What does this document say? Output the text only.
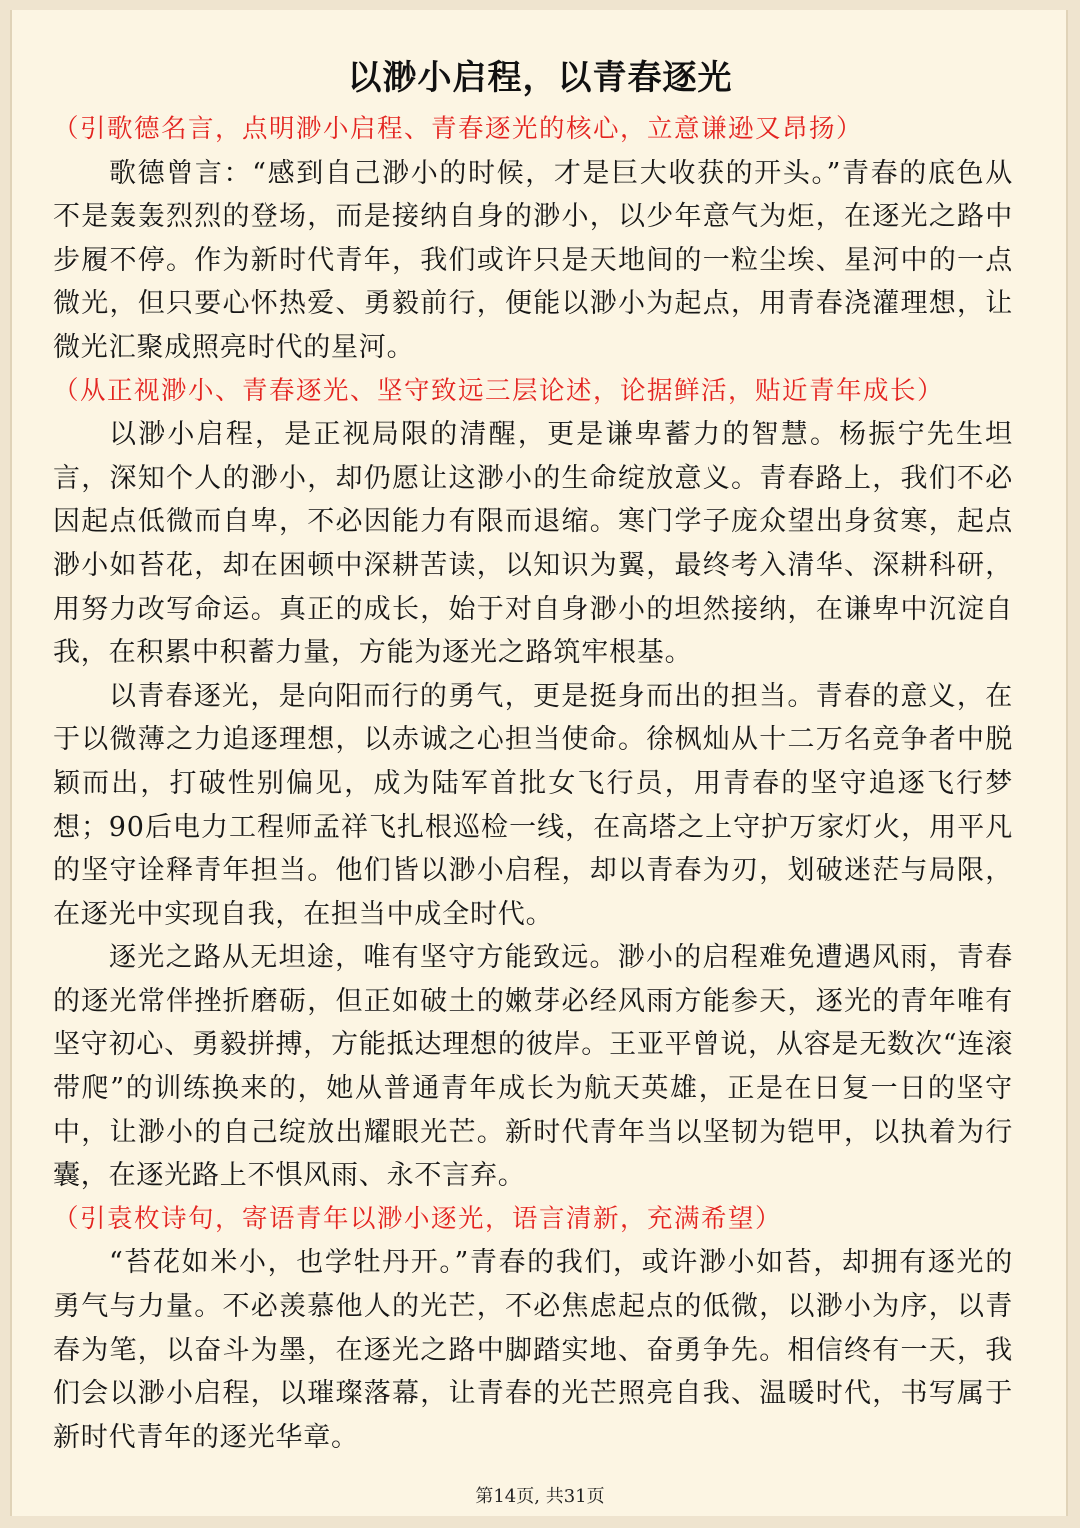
以渺小启程，以青春逐光
（引歌德名言，点明渺小启程、青春逐光的核心，立意谦逊又昂扬）

歌德曾言：“感到自己渺小的时候，才是巨大收获的开头。”青春的底色从不是轰轰烈烈的登场，而是接纳自身的渺小，以少年意气为炬，在逐光之路中步履不停。作为新时代青年，我们或许只是天地间的一粒尘埃、星河中的一点微光，但只要心怀热爱、勇毅前行，便能以渺小为起点，用青春浇灌理想，让微光汇聚成照亮时代的星河。

（从正视渺小、青春逐光、坚守致远三层论述，论据鲜活，贴近青年成长）

以渺小启程，是正视局限的清醒，更是谦卑蓄力的智慧。杨振宁先生坦言，深知个人的渺小，却仍愿让这渺小的生命绽放意义。青春路上，我们不必因起点低微而自卑，不必因能力有限而退缩。寒门学子庞众望出身贫寒，起点渺小如苔花，却在困顿中深耕苦读，以知识为翼，最终考入清华、深耕科研，用努力改写命运。真正的成长，始于对自身渺小的坦然接纳，在谦卑中沉淀自我，在积累中积蓄力量，方能为逐光之路筑牢根基。

以青春逐光，是向阳而行的勇气，更是挺身而出的担当。青春的意义，在于以微薄之力追逐理想，以赤诚之心担当使命。徐枫灿从十二万名竞争者中脱颖而出，打破性别偏见，成为陆军首批女飞行员，用青春的坚守追逐飞行梦想；90后电力工程师孟祥飞扎根巡检一线，在高塔之上守护万家灯火，用平凡的坚守诠释青年担当。他们皆以渺小启程，却以青春为刃，划破迷茫与局限，在逐光中实现自我，在担当中成全时代。

逐光之路从无坦途，唯有坚守方能致远。渺小的启程难免遭遇风雨，青春的逐光常伴挫折磨砺，但正如破土的嫩芽必经风雨方能参天，逐光的青年唯有坚守初心、勇毅拼搏，方能抵达理想的彼岸。王亚平曾说，从容是无数次“连滚带爬”的训练换来的，她从普通青年成长为航天英雄，正是在日复一日的坚守中，让渺小的自己绽放出耀眼光芒。新时代青年当以坚韧为铠甲，以执着为行囊，在逐光路上不惧风雨、永不言弃。

（引袁枚诗句，寄语青年以渺小逐光，语言清新，充满希望）

“苔花如米小，也学牡丹开。”青春的我们，或许渺小如苔，却拥有逐光的勇气与力量。不必羡慕他人的光芒，不必焦虑起点的低微，以渺小为序，以青春为笔，以奋斗为墨，在逐光之路中脚踏实地、奋勇争先。相信终有一天，我们会以渺小启程，以璀璨落幕，让青春的光芒照亮自我、温暖时代，书写属于新时代青年的逐光华章。

第14页, 共31页
